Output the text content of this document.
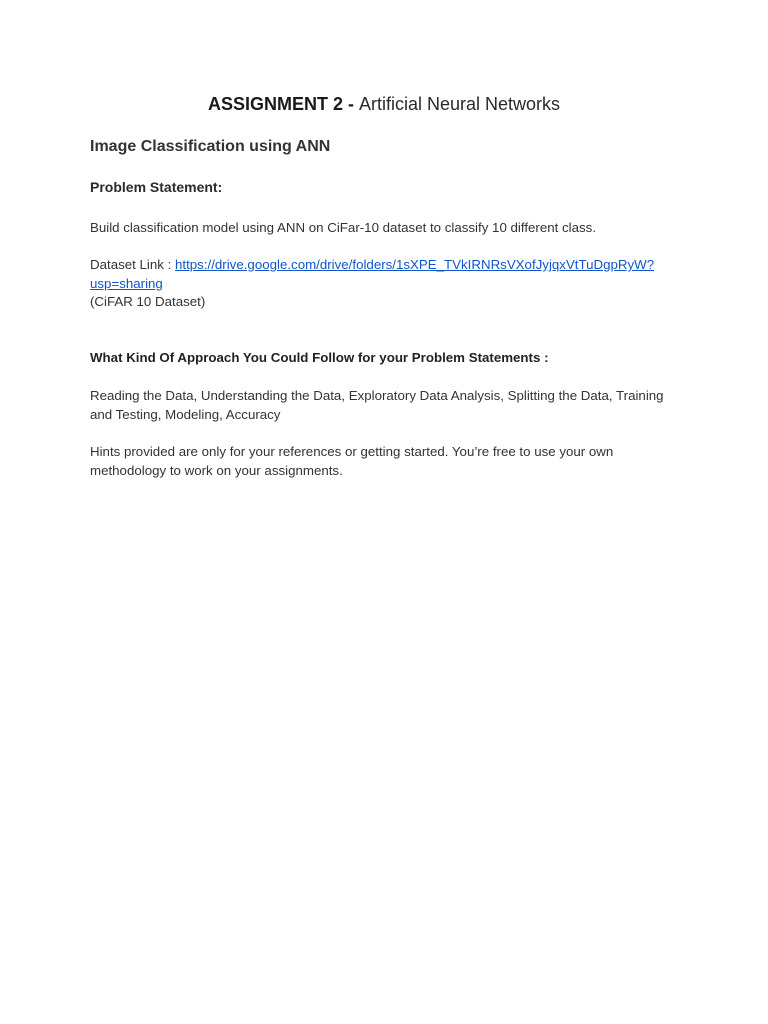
ASSIGNMENT 2 - Artificial Neural Networks
Image Classification using ANN
Problem Statement:

Build classification model using ANN on CiFar-10 dataset to classify 10 different class.

Dataset Link : https://drive.google.com/drive/folders/1sXPE_TVkIRNRsVXofJyjqxVtTuDgpRyW?
usp=sharing

(CiFAR 10 Dataset)

What Kind Of Approach You Could Follow for your Problem Statements :

Reading the Data, Understanding the Data, Exploratory Data Analysis, Splitting the Data, Training and Testing, Modeling, Accuracy

Hints provided are only for your references or getting started. You’re free to use your own methodology to work on your assignments.
